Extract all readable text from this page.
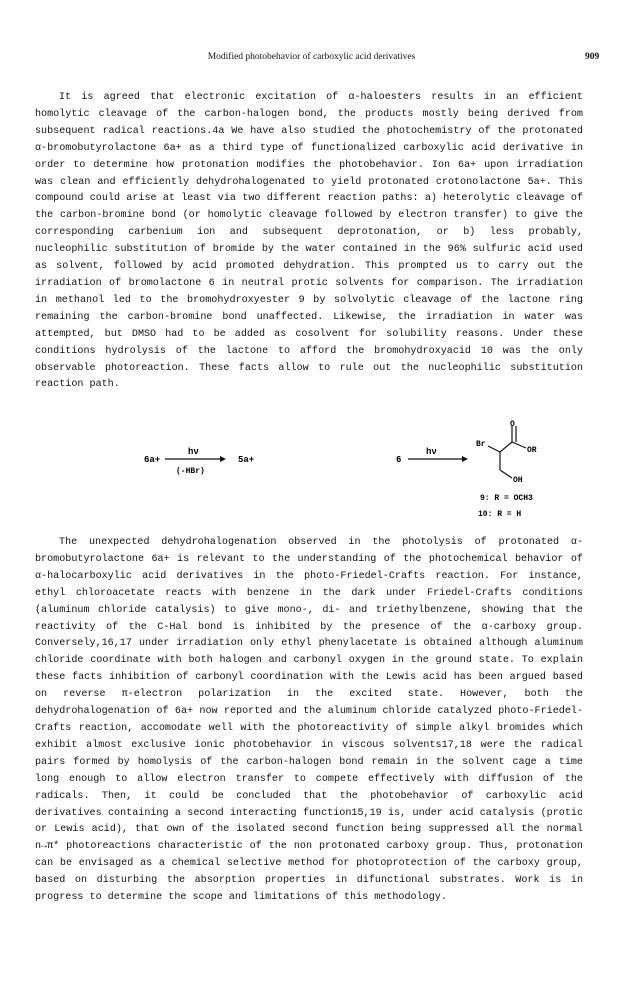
Modified photobehavior of carboxylic acid derivatives	909

It is agreed that electronic excitation of α-haloesters results in an efficient homolytic cleavage of the carbon-halogen bond, the products mostly being derived from subsequent radical reactions.4a We have also studied the photochemistry of the protonated α-bromobutyrolactone 6a+ as a third type of functionalized carboxylic acid derivative in order to determine how protonation modifies the photobehavior. Ion 6a+ upon irradiation was clean and efficiently dehydrohalogenated to yield protonated crotonolactone 5a+. This compound could arise at least via two different reaction paths: a) heterolytic cleavage of the carbon-bromine bond (or homolytic cleavage followed by electron transfer) to give the corresponding carbenium ion and subsequent deprotonation, or b) less probably, nucleophilic substitution of bromide by the water contained in the 96% sulfuric acid used as solvent, followed by acid promoted dehydration. This prompted us to carry out the irradiation of bromolactone 6 in neutral protic solvents for comparison. The irradiation in methanol led to the bromohydroxyester 9 by solvolytic cleavage of the lactone ring remaining the carbon-bromine bond unaffected. Likewise, the irradiation in water was attempted, but DMSO had to be added as cosolvent for solubility reasons. Under these conditions hydrolysis of the lactone to afford the bromohydroxyacid 10 was the only observable photoreaction. These facts allow to rule out the nucleophilic substitution reaction path.

6a+
hν
(-HBr)
5a+	6
hν
Br
O
OR
OH
9: R = OCH3
10: R = H

The unexpected dehydrohalogenation observed in the photolysis of protonated α-bromobutyrolactone 6a+ is relevant to the understanding of the photochemical behavior of α-halocarboxylic acid derivatives in the photo-Friedel-Crafts reaction. For instance, ethyl chloroacetate reacts with benzene in the dark under Friedel-Crafts conditions (aluminum chloride catalysis) to give mono-, di- and triethylbenzene, showing that the reactivity of the C-Hal bond is inhibited by the presence of the α-carboxy group. Conversely,16,17 under irradiation only ethyl phenylacetate is obtained although aluminum chloride coordinate with both halogen and carbonyl oxygen in the ground state. To explain these facts inhibition of carbonyl coordination with the Lewis acid has been argued based on reverse π-electron polarization in the excited state. However, both the dehydrohalogenation of 6a+ now reported and the aluminum chloride catalyzed photo-Friedel-Crafts reaction, accomodate well with the photoreactivity of simple alkyl bromides which exhibit almost exclusive ionic photobehavior in viscous solvents17,18 were the radical pairs formed by homolysis of the carbon-halogen bond remain in the solvent cage a time long enough to allow electron transfer to compete effectively with diffusion of the radicals. Then, it could be concluded that the photobehavior of carboxylic acid derivatives containing a second interacting function15,19 is, under acid catalysis (protic or Lewis acid), that own of the isolated second function being suppressed all the normal n→π* photoreactions characteristic of the non protonated carboxy group. Thus, protonation can be envisaged as a chemical selective method for photoprotection of the carboxy group, based on disturbing the absorption properties in difunctional substrates. Work is in progress to determine the scope and limitations of this methodology.
